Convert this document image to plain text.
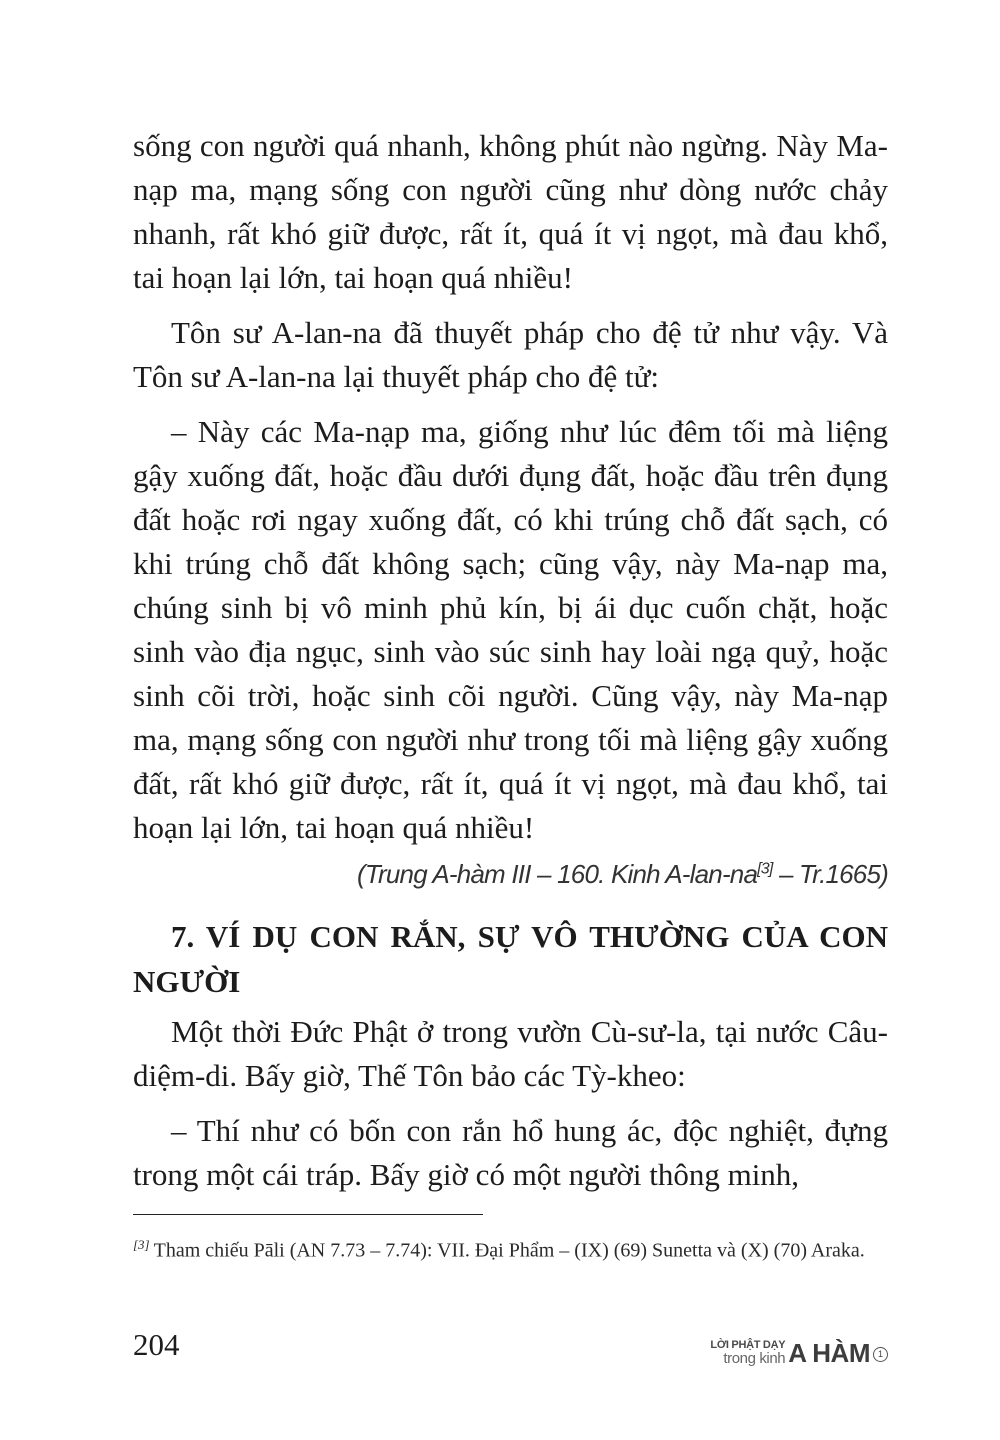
sống con người quá nhanh, không phút nào ngừng. Này Ma-nạp ma, mạng sống con người cũng như dòng nước chảy nhanh, rất khó giữ được, rất ít, quá ít vị ngọt, mà đau khổ, tai hoạn lại lớn, tai hoạn quá nhiều!

Tôn sư A-lan-na đã thuyết pháp cho đệ tử như vậy. Và Tôn sư A-lan-na lại thuyết pháp cho đệ tử:

– Này các Ma-nạp ma, giống như lúc đêm tối mà liệng gậy xuống đất, hoặc đầu dưới đụng đất, hoặc đầu trên đụng đất hoặc rơi ngay xuống đất, có khi trúng chỗ đất sạch, có khi trúng chỗ đất không sạch; cũng vậy, này Ma-nạp ma, chúng sinh bị vô minh phủ kín, bị ái dục cuốn chặt, hoặc sinh vào địa ngục, sinh vào súc sinh hay loài ngạ quỷ, hoặc sinh cõi trời, hoặc sinh cõi người. Cũng vậy, này Ma-nạp ma, mạng sống con người như trong tối mà liệng gậy xuống đất, rất khó giữ được, rất ít, quá ít vị ngọt, mà đau khổ, tai hoạn lại lớn, tai hoạn quá nhiều!

(Trung A-hàm III – 160. Kinh A-lan-na[3] – Tr.1665)

7. VÍ DỤ CON RẮN, SỰ VÔ THƯỜNG CỦA CON NGƯỜI

Một thời Đức Phật ở trong vườn Cù-sư-la, tại nước Câu-diệm-di. Bấy giờ, Thế Tôn bảo các Tỳ-kheo:

– Thí như có bốn con rắn hổ hung ác, độc nghiệt, đựng trong một cái tráp. Bấy giờ có một người thông minh,

[3] Tham chiếu Pāli (AN 7.73 – 7.74): VII. Đại Phẩm – (IX) (69) Sunetta và (X) (70) Araka.

204	LỜI PHẬT DẠY
trong kinh A HÀM 1
